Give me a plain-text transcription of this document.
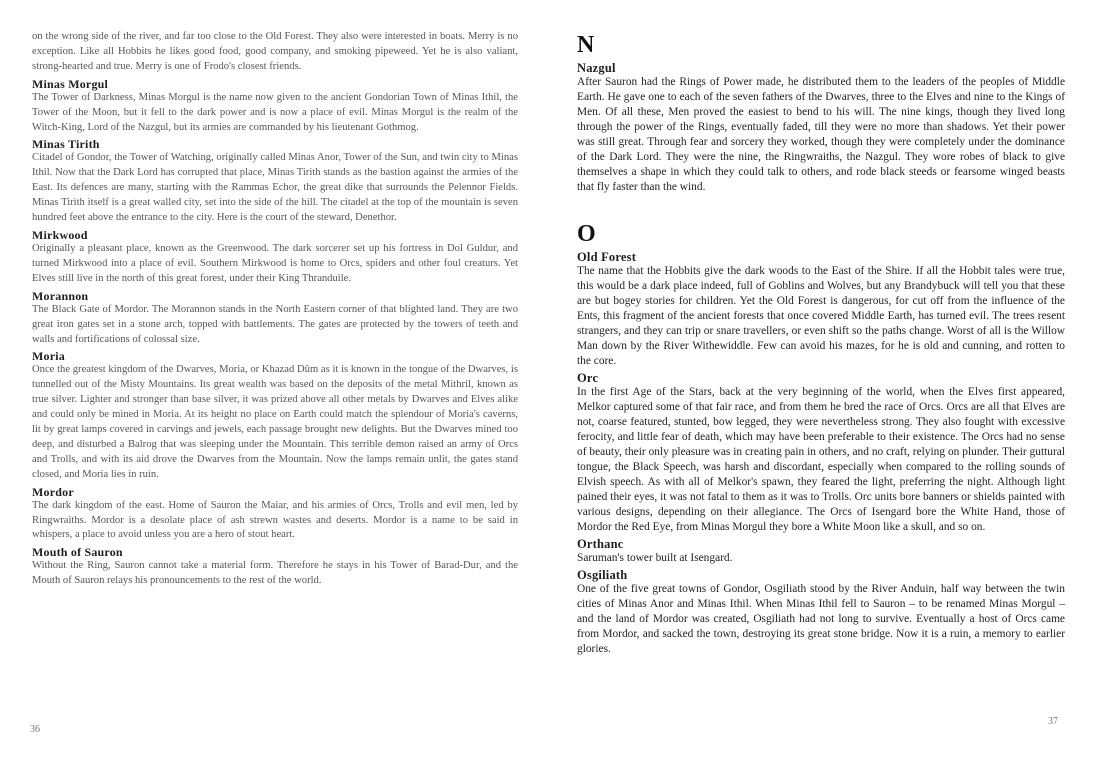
on the wrong side of the river, and far too close to the Old Forest. They also were interested in boats. Merry is no exception. Like all Hobbits he likes good food, good company, and smoking pipeweed. Yet he is also valiant, strong-hearted and true. Merry is one of Frodo's closest friends.

Minas Morgul

The Tower of Darkness, Minas Morgul is the name now given to the ancient Gondorian Town of Minas Ithil, the Tower of the Moon, but it fell to the dark power and is now a place of evil. Minas Morgul is the realm of the Witch-King, Lord of the Nazgul, but its armies are commanded by his lieutenant Gothmog.

Minas Tirith

Citadel of Gondor, the Tower of Watching, originally called Minas Anor, Tower of the Sun, and twin city to Minas Ithil. Now that the Dark Lord has corrupted that place, Minas Tirith stands as the bastion against the armies of the East. Its defences are many, starting with the Rammas Echor, the great dike that surrounds the Pelennor Fields. Minas Tirith itself is a great walled city, set into the side of the hill. The citadel at the top of the mountain is seven hundred feet above the entrance to the city. Here is the court of the steward, Denethor.

Mirkwood

Originally a pleasant place, known as the Greenwood. The dark sorcerer set up his fortress in Dol Guldur, and turned Mirkwood into a place of evil. Southern Mirkwood is home to Orcs, spiders and other foul creaturs. Yet Elves still live in the north of this great forest, under their King Thranduile.

Morannon

The Black Gate of Mordor. The Morannon stands in the North Eastern corner of that blighted land. They are two great iron gates set in a stone arch, topped with battlements. The gates are protected by the towers of teeth and walls and fortifications of colossal size.

Moria

Once the greatest kingdom of the Dwarves, Moria, or Khazad Dûm as it is known in the tongue of the Dwarves, is tunnelled out of the Misty Mountains. Its great wealth was based on the deposits of the metal Mithril, known as true silver. Lighter and stronger than base silver, it was prized above all other metals by Dwarves and Elves alike and could only be mined in Moria. At its height no place on Earth could match the splendour of Moria's caverns, lit by great lamps covered in carvings and jewels, each passage brought new delights. But the Dwarves mined too deep, and disturbed a Balrog that was sleeping under the Mountain. This terrible demon raised an army of Orcs and Trolls, and with its aid drove the Dwarves from the Mountain. Now the lamps remain unlit, the gates stand closed, and Moria lies in ruin.

Mordor

The dark kingdom of the east. Home of Sauron the Maiar, and his armies of Orcs, Trolls and evil men, led by Ringwraiths. Mordor is a desolate place of ash strewn wastes and deserts. Mordor is a name to be said in whispers, a place to avoid unless you are a hero of stout heart.

Mouth of Sauron

Without the Ring, Sauron cannot take a material form. Therefore he stays in his Tower of Barad-Dur, and the Mouth of Sauron relays his pronouncements to the rest of the world.

N
Nazgul

After Sauron had the Rings of Power made, he distributed them to the leaders of the peoples of Middle Earth. He gave one to each of the seven fathers of the Dwarves, three to the Elves and nine to the Kings of Men. Of all these, Men proved the easiest to bend to his will. The nine kings, though they lived long through the power of the Rings, eventually faded, till they were no more than shadows. Yet their power was still great. Through fear and sorcery they worked, though they were completely under the dominance of the Dark Lord. They were the nine, the Ringwraiths, the Nazgul. They wore robes of black to give themselves a shape in which they could talk to others, and rode black steeds or fearsome winged beasts that fly faster than the wind.

O
Old Forest

The name that the Hobbits give the dark woods to the East of the Shire. If all the Hobbit tales were true, this would be a dark place indeed, full of Goblins and Wolves, but any Brandybuck will tell you that these are but bogey stories for children. Yet the Old Forest is dangerous, for cut off from the influence of the Ents, this fragment of the ancient forests that once covered Middle Earth, has turned evil. The trees resent strangers, and they can trip or snare travellers, or even shift so the paths change. Worst of all is the Willow Man down by the River Withewiddle. Few can avoid his mazes, for he is old and cunning, and rotten to the core.

Orc

In the first Age of the Stars, back at the very beginning of the world, when the Elves first appeared, Melkor captured some of that fair race, and from them he bred the race of Orcs. Orcs are all that Elves are not, coarse featured, stunted, bow legged, they were nevertheless strong. They also fought with excessive ferocity, and little fear of death, which may have been preferable to their existence. The Orcs had no sense of beauty, their only pleasure was in creating pain in others, and no craft, relying on plunder. Their guttural tongue, the Black Speech, was harsh and discordant, especially when compared to the rolling sounds of Elvish speech. As with all of Melkor's spawn, they feared the light, preferring the night. Although light pained their eyes, it was not fatal to them as it was to Trolls. Orc units bore banners or shields painted with various designs, depending on their allegiance. The Orcs of Isengard bore the White Hand, those of Mordor the Red Eye, from Minas Morgul they bore a White Moon like a skull, and so on.

Orthanc

Saruman's tower built at Isengard.

Osgiliath

One of the five great towns of Gondor, Osgiliath stood by the River Anduin, half way between the twin cities of Minas Anor and Minas Ithil. When Minas Ithil fell to Sauron – to be renamed Minas Morgul – and the land of Mordor was created, Osgiliath had not long to survive. Eventually a host of Orcs came from Mordor, and sacked the town, destroying its great stone bridge. Now it is a ruin, a memory to earlier glories.

36
37
